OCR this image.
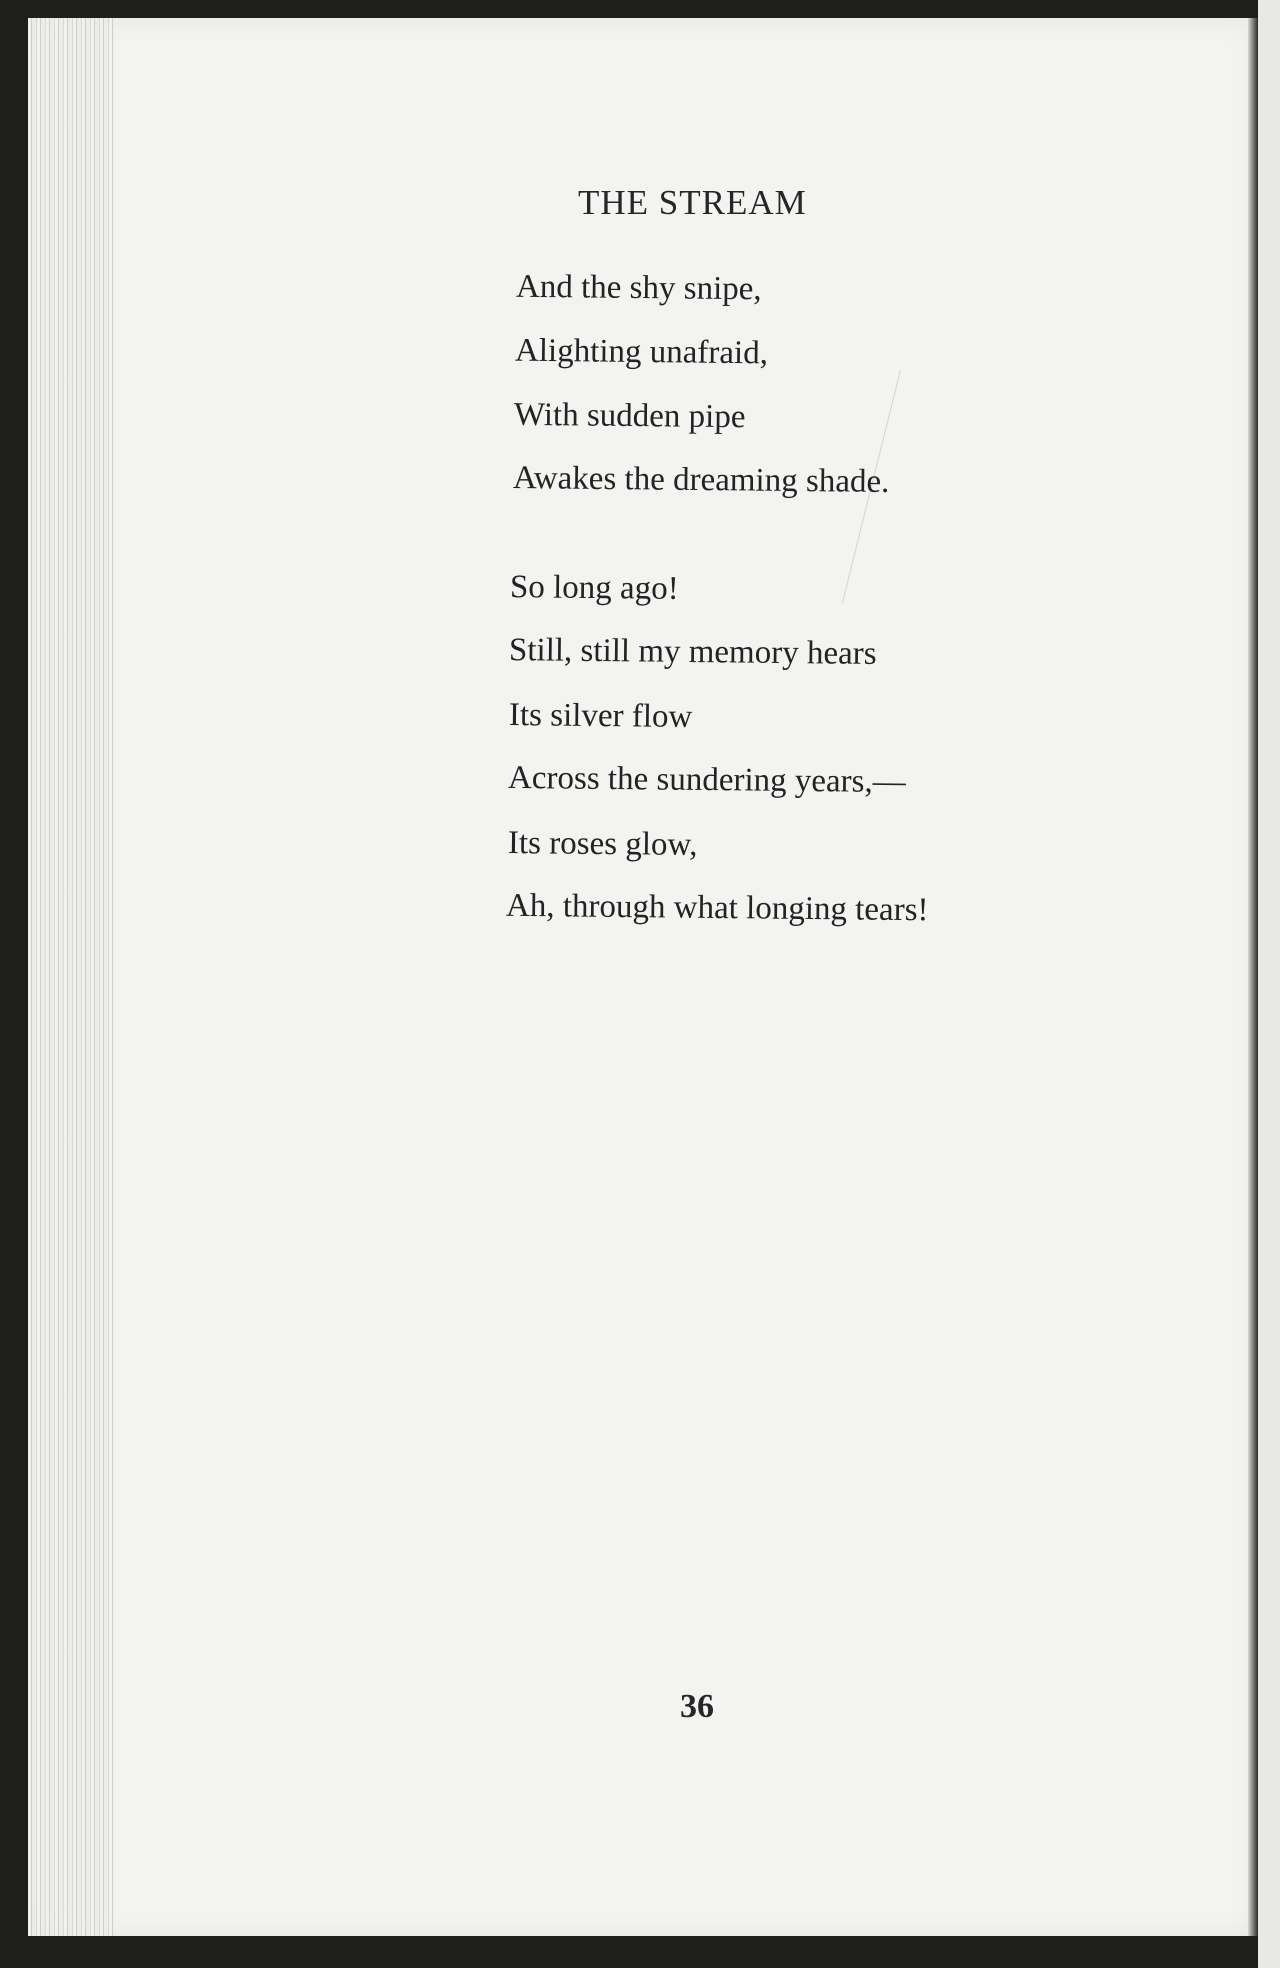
THE STREAM
And the shy snipe,
Alighting unafraid,
With sudden pipe
Awakes the dreaming shade.
So long ago!
Still, still my memory hears
Its silver flow
Across the sundering years,—
Its roses glow,
Ah, through what longing tears!
36
